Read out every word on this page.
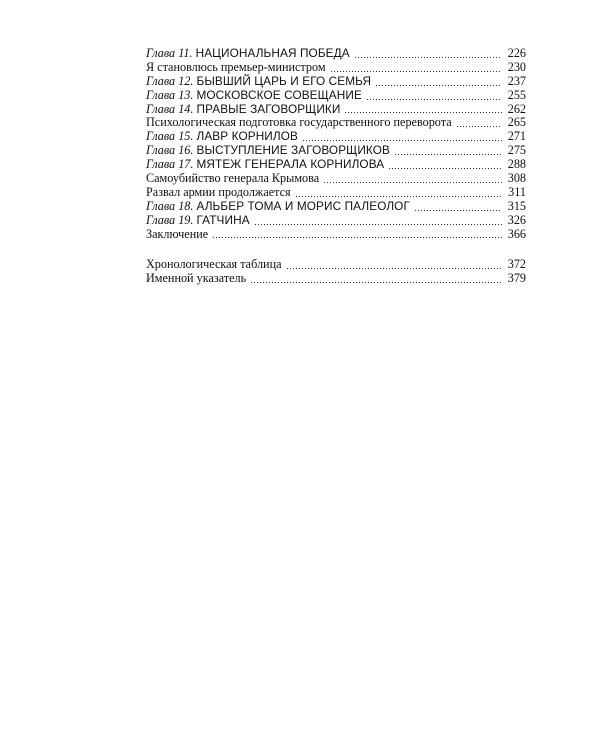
Глава 11. НАЦИОНАЛЬНАЯ ПОБЕДА	226
Я становлюсь премьер-министром	230
Глава 12. БЫВШИЙ ЦАРЬ И ЕГО СЕМЬЯ	237
Глава 13. МОСКОВСКОЕ СОВЕЩАНИЕ	255
Глава 14. ПРАВЫЕ ЗАГОВОРЩИКИ	262
Психологическая подготовка государственного переворота	265
Глава 15. ЛАВР КОРНИЛОВ	271
Глава 16. ВЫСТУПЛЕНИЕ ЗАГОВОРЩИКОВ	275
Глава 17. МЯТЕЖ ГЕНЕРАЛА КОРНИЛОВА	288
Самоубийство генерала Крымова	308
Развал армии продолжается	311
Глава 18. АЛЬБЕР ТОМА И МОРИС ПАЛЕОЛОГ	315
Глава 19. ГАТЧИНА	326
Заключение	366
Хронологическая таблица	372
Именной указатель	379
